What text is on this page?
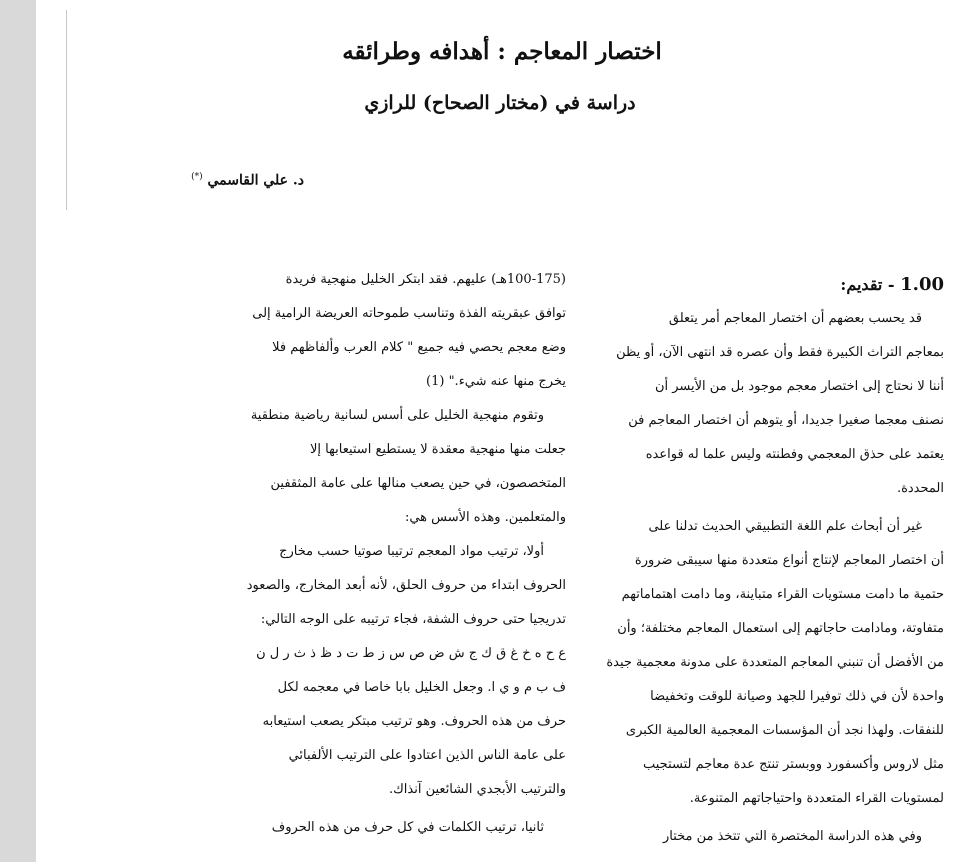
اختصار المعاجم : أهدافه وطرائقه
دراسة في (مختار الصحاح) للرازي
د. علي القاسمي (*)
1.00 - تقديم:
قد يحسب بعضهم أن اختصار المعاجم أمر يتعلق
بمعاجم التراث الكبيرة فقط وأن عصره قد انتهى الآن، أو يظن
أننا لا نحتاج إلى اختصار معجم موجود بل من الأيسر أن
نصنف معجما صغيرا جديدا، أو يتوهم أن اختصار المعاجم فن
يعتمد على حذق المعجمي وفطنته وليس علما له قواعده
المحددة.
غير أن أبحاث علم اللغة التطبيقي الحديث تدلنا على
أن اختصار المعاجم لإنتاج أنواع متعددة منها سيبقى ضرورة
حتمية ما دامت مستويات القراء متباينة، وما دامت اهتماماتهم
متفاوتة، ومادامت حاجاتهم إلى استعمال المعاجم مختلفة؛ وأن
من الأفضل أن تنبني المعاجم المتعددة على مدونة معجمية جيدة
واحدة لأن في ذلك توفيرا للجهد وصيانة للوقت وتخفيضا
للنفقات. ولهذا نجد أن المؤسسات المعجمية العالمية الكبرى
مثل لاروس وأكسفورد ووبستر تنتج عدة معاجم لتستجيب
لمستويات القراء المتعددة واحتياجاتهم المتنوعة.
وفي هذه الدراسة المختصرة التي تتخذ من مختار
(100-175هـ) عليهم. فقد ابتكر الخليل منهجية فريدة
توافق عبقريته الفذة وتناسب طموحاته العريضة الرامية إلى
وضع معجم يحصي فيه جميع " كلام العرب وألفاظهم فلا
يخرج منها عنه شيء." (1)
وتقوم منهجية الخليل على أسس لسانية رياضية منطقية
جعلت منها منهجية معقدة لا يستطيع استيعابها إلا
المتخصصون، في حين يصعب منالها على عامة المثقفين
والمتعلمين. وهذه الأسس هي:
أولا، ترتيب مواد المعجم ترتيبا صوتيا حسب مخارج
الحروف ابتداء من حروف الحلق، لأنه أبعد المخارج، والصعود
تدريجيا حتى حروف الشفة، فجاء ترتيبه على الوجه التالي:
ع ح ه خ غ ق ك ج ش ض ص س ز ط ت د ظ ذ ث ر ل ن
ف ب م و ي ا. وجعل الخليل بابا خاصا في معجمه لكل
حرف من هذه الحروف. وهو ترتيب مبتكر يصعب استيعابه
على عامة الناس الذين اعتادوا على الترتيب الألفبائي
والترتيب الأبجدي الشائعين آنذاك.
ثانيا، ترتيب الكلمات في كل حرف من هذه الحروف
